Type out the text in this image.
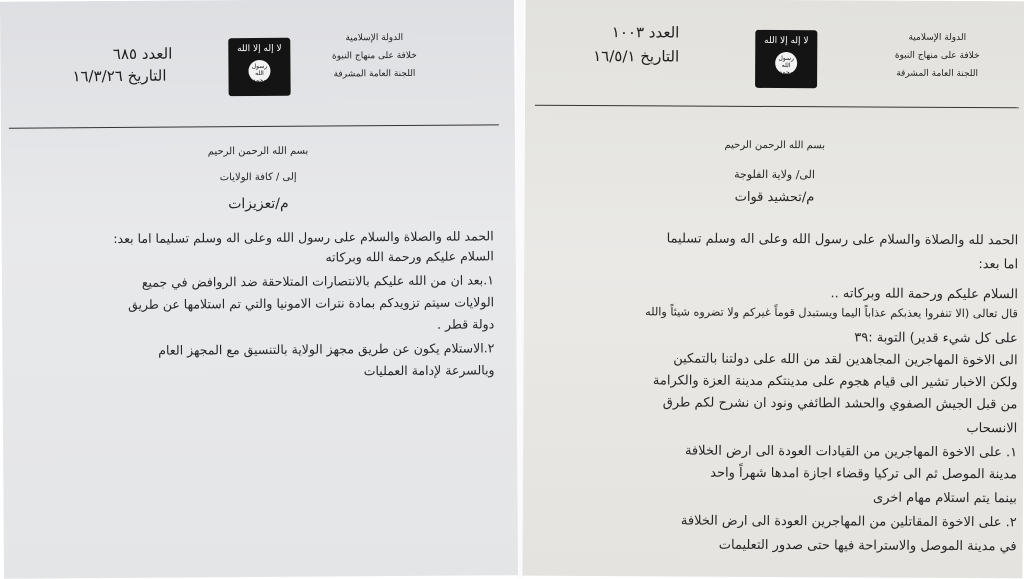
الدولة الإسلامية
خلافة على منهاج النبوة
اللجنة العامة المشرفة
لا إله إلا الله
رسول الله محمد
العدد ٦٨٥
التاريخ ١٦/٣/٢٦
بسم الله الرحمن الرحيم
إلى / كافة الولايات
م/تعزيزات
الحمد لله والصلاة والسلام على رسول الله وعلى اله وسلم تسليما اما بعد:
السلام عليكم ورحمة الله وبركاته
١.بعد ان من الله عليكم بالانتصارات المتلاحقة ضد الروافض في جميع
الولايات سيتم تزويدكم بمادة نترات الامونيا والتي تم استلامها عن طريق
دولة قطر .
٢.الاستلام يكون عن طريق مجهز الولاية بالتنسيق مع المجهز العام
وبالسرعة لإدامة العمليات
الدولة الإسلامية
خلافة على منهاج النبوة
اللجنة العامة المشرفة
لا إله إلا الله
رسول الله محمد
العدد ١٠٠٣
التاريخ ١٦/٥/١
بسم الله الرحمن الرحيم
الى/ ولاية الفلوجة
م/تحشيد قوات
الحمد لله والصلاة والسلام على رسول الله وعلى اله وسلم تسليما
اما بعد:
السلام عليكم ورحمة الله وبركاته ..
قال تعالى (الا تنفروا يعذبكم عذاباً اليما ويستبدل قوماً غيركم ولا تضروه شيئاً والله
على كل شيء قدير) التوبة :٣٩
الى الاخوة المهاجرين المجاهدين لقد من الله على دولتنا بالتمكين
ولكن الاخبار تشير الى قيام هجوم على مدينتكم مدينة العزة والكرامة
من قبل الجيش الصفوي والحشد الطائفي ونود ان نشرح لكم طرق
الانسحاب
١. على الاخوة المهاجرين من القيادات العودة الى ارض الخلافة
مدينة الموصل ثم الى تركيا وقضاء اجازة امدها شهراً واحد
بينما يتم استلام مهام اخرى
٢. على الاخوة المقاتلين من المهاجرين العودة الى ارض الخلافة
في مدينة الموصل والاستراحة فيها حتى صدور التعليمات
